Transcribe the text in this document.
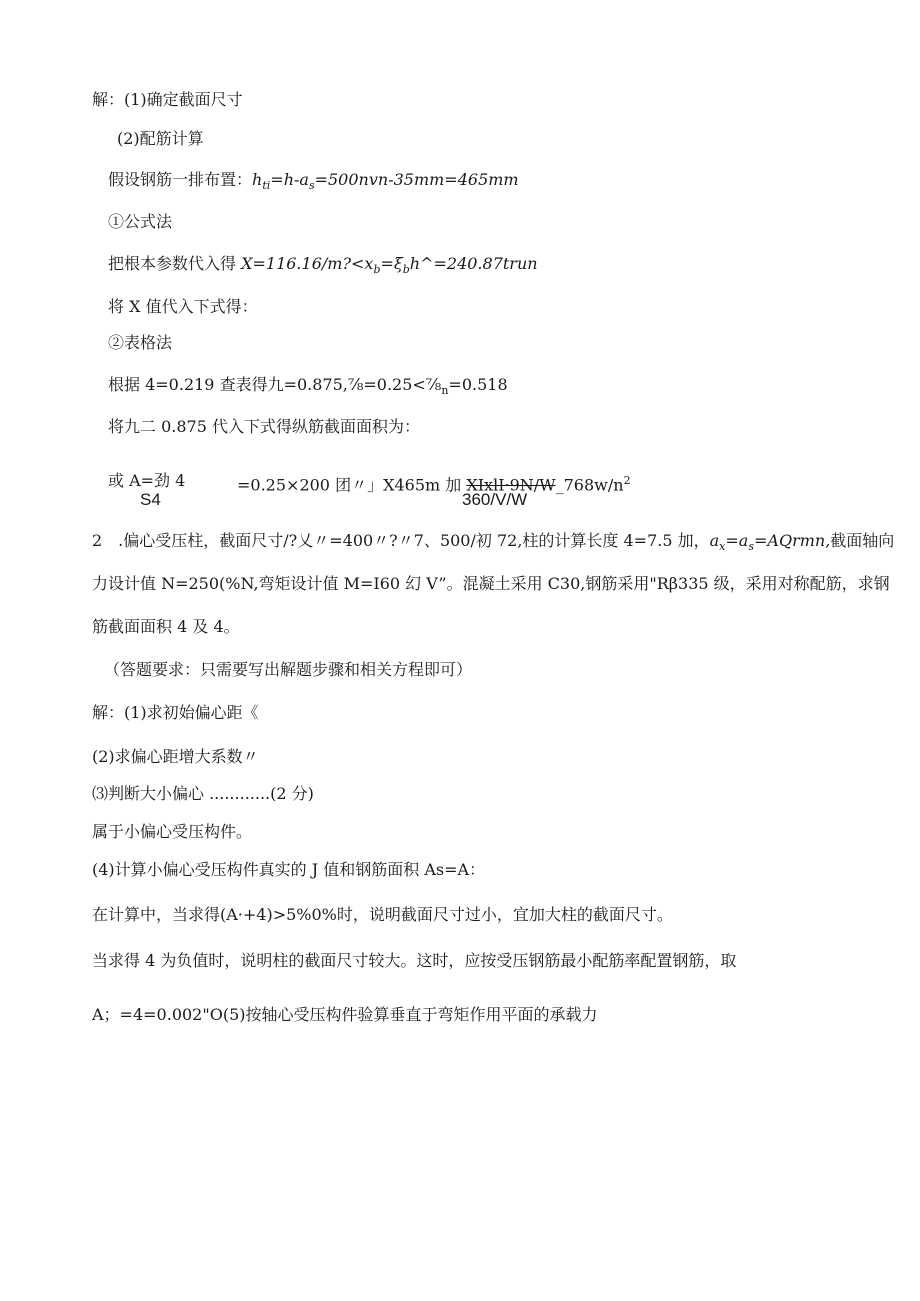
解：(1)确定截面尺寸
(2)配筋计算
假设钢筋一排布置：$h_{ti}=h-a_s=500nvn-35mm=465mm$
①公式法
把根本参数代入得 $X=116.16/m?<x_b=\xi_bh\^{}=240.87trun$
将 X 值代入下式得：
②表格法
根据 4=0.219 查表得九$=0.875,\frac{7}{8}=0.25<\frac{7}{8}_n=0.518$
将九二 0.875 代入下式得纵筋截面面积为：
或 A=劲 4	=0.25×200 团〃」X465m 加 $XIxlI\cdot 9N/W\_768w/n^2$
S4	360/V/W
2　.偏心受压柱，截面尺寸/?乂〃=400〃?〃7、500/初 72,柱的计算长度 4=7.5 加，$a_x=a_s=AQrmn$,截面轴向
力设计值 N=250(%N,弯矩设计值 M=I60 幻 V”。混凝土采用 C30,钢筋采用"Rβ335 级，采用对称配筋，求钢
筋截面面积 4 及 4。
（答题要求：只需要写出解题步骤和相关方程即可）
解：(1)求初始偏心距《
(2)求偏心距增大系数〃
⑶判断大小偏心 ............(2 分)
属于小偏心受压构件。
(4)计算小偏心受压构件真实的 J 值和钢筋面积 As=A：
在计算中，当求得(A·+4)>5%0%时，说明截面尺寸过小，宜加大柱的截面尺寸。
当求得 4 为负值时，说明柱的截面尺寸较大。这时，应按受压钢筋最小配筋率配置钢筋，取
A；=4=0.002"O(5)按轴心受压构件验算垂直于弯矩作用平面的承载力
